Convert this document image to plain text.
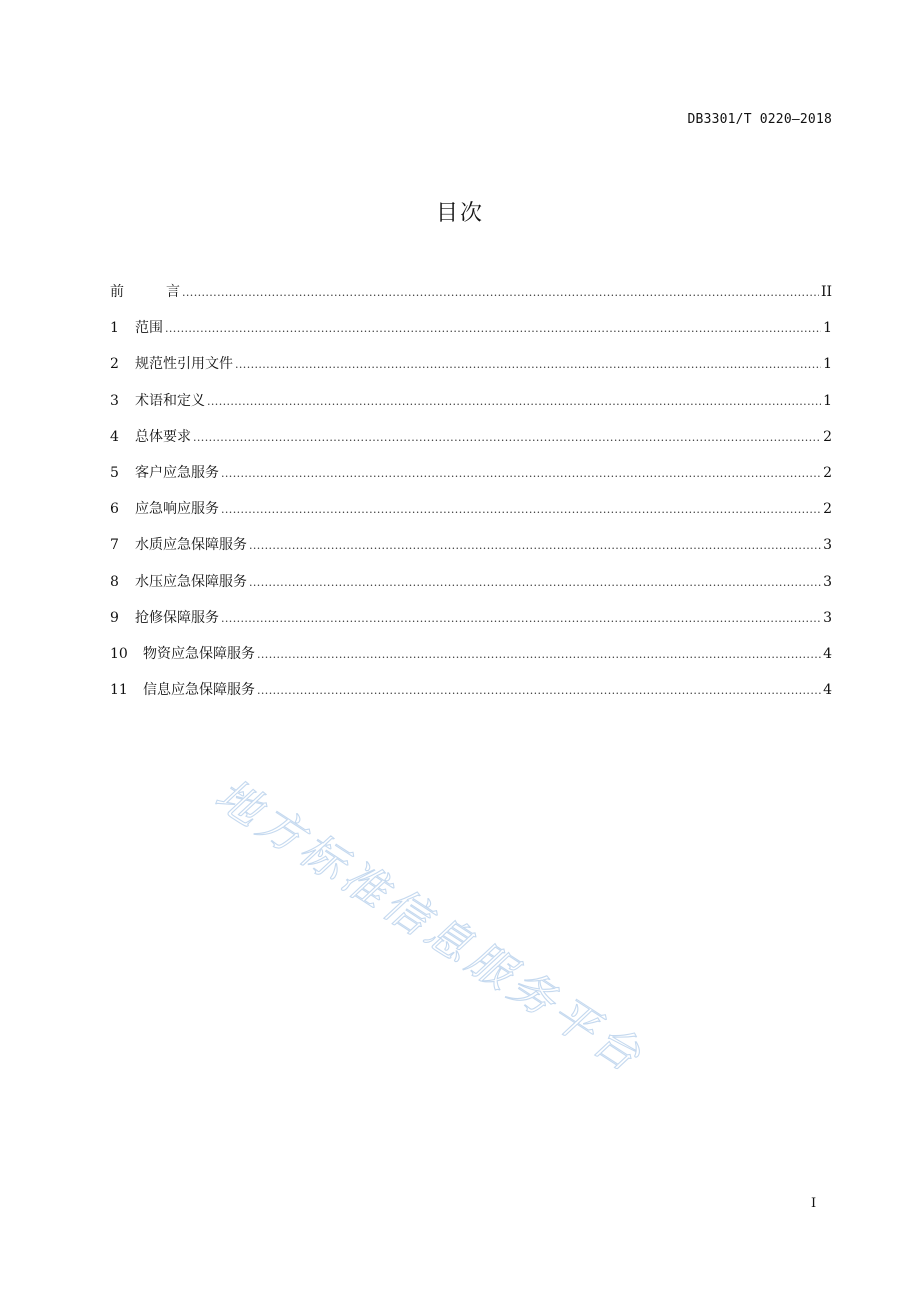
DB3301/T 0220—2018
目次
前	言 .....	II
1	范围 .....	1
2	规范性引用文件 .....	1
3	术语和定义 .....	1
4	总体要求 .....	2
5	客户应急服务 .....	2
6	应急响应服务 .....	2
7	水质应急保障服务 .....	3
8	水压应急保障服务 .....	3
9	抢修保障服务 .....	3
10	物资应急保障服务 .....	4
11	信息应急保障服务 .....	4
地方标准信息服务平台
I
